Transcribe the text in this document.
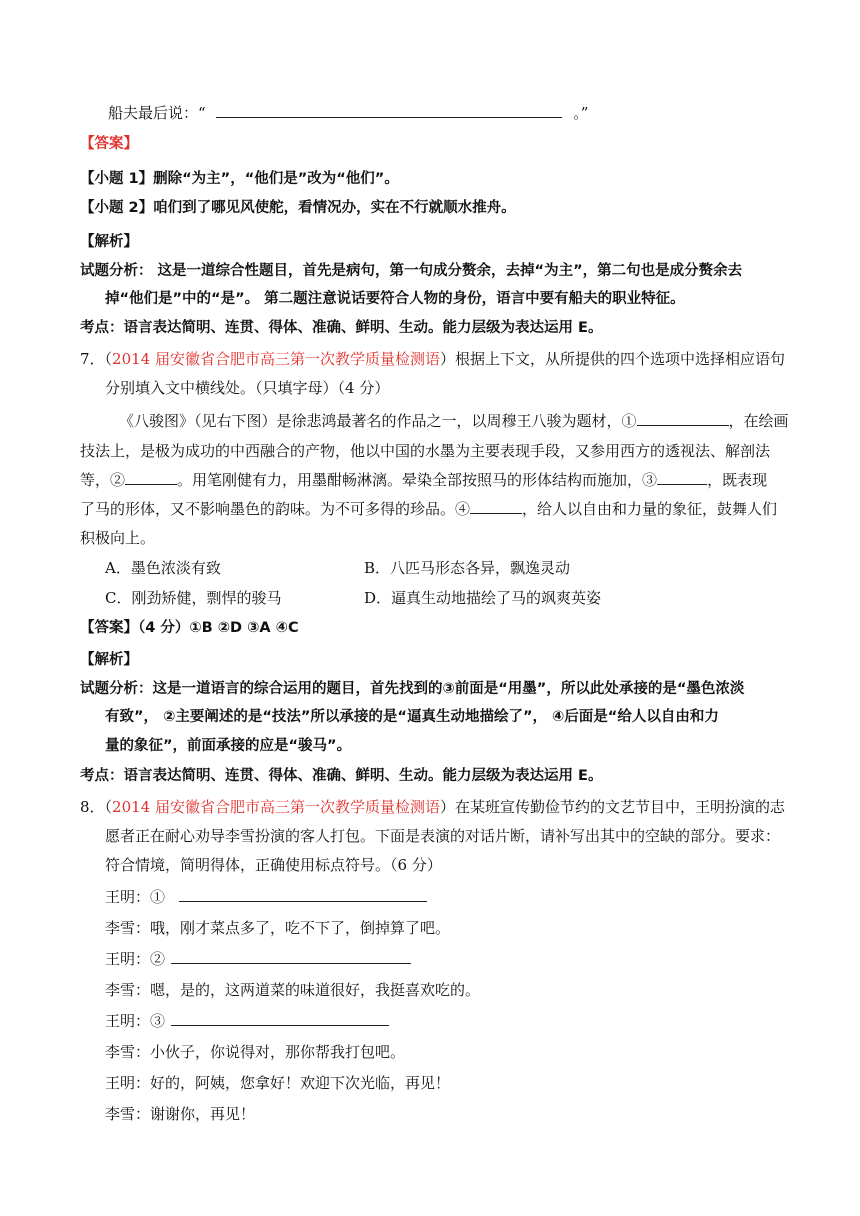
船夫最后说：“	。”
【答案】
【小题 1】删除“为主”，“他们是”改为“他们”。
【小题 2】咱们到了哪见风使舵，看情况办，实在不行就顺水推舟。
【解析】
试题分析： 这是一道综合性题目，首先是病句，第一句成分赘余，去掉“为主”，第二句也是成分赘余去
掉“他们是”中的“是”。 第二题注意说话要符合人物的身份，语言中要有船夫的职业特征。
考点：语言表达简明、连贯、得体、准确、鲜明、生动。能力层级为表达运用 E。
7．（2014 届安徽省合肥市高三第一次教学质量检测语）根据上下文，从所提供的四个选项中选择相应语句
分别填入文中横线处。（只填字母）（4 分）
《八骏图》（见右下图）是徐悲鸿最著名的作品之一，以周穆王八骏为题材，①	，在绘画
技法上，是极为成功的中西融合的产物，他以中国的水墨为主要表现手段，又参用西方的透视法、解剖法
等，②	。用笔刚健有力，用墨酣畅淋漓。晕染全部按照马的形体结构而施加，③	，既表现
了马的形体，又不影响墨色的韵味。为不可多得的珍品。④	，给人以自由和力量的象征，鼓舞人们
积极向上。
A．墨色浓淡有致	B．八匹马形态各异，飘逸灵动
C．刚劲矫健，剽悍的骏马	D．逼真生动地描绘了马的飒爽英姿
【答案】（4 分）①B ②D ③A ④C
【解析】
试题分析：这是一道语言的综合运用的题目，首先找到的③前面是“用墨”，所以此处承接的是“墨色浓淡
有致”， ②主要阐述的是“技法”所以承接的是“逼真生动地描绘了”， ④后面是“给人以自由和力
量的象征”，前面承接的应是“骏马”。
考点：语言表达简明、连贯、得体、准确、鲜明、生动。能力层级为表达运用 E。
8．（2014 届安徽省合肥市高三第一次教学质量检测语）在某班宣传勤俭节约的文艺节目中，王明扮演的志
愿者正在耐心劝导李雪扮演的客人打包。下面是表演的对话片断，请补写出其中的空缺的部分。要求：
符合情境，简明得体，正确使用标点符号。（6 分）
王明：①
李雪：哦，刚才菜点多了，吃不下了，倒掉算了吧。
王明：②
李雪：嗯，是的，这两道菜的味道很好，我挺喜欢吃的。
王明：③
李雪：小伙子，你说得对，那你帮我打包吧。
王明：好的，阿姨，您拿好！欢迎下次光临，再见！
李雪：谢谢你，再见！
